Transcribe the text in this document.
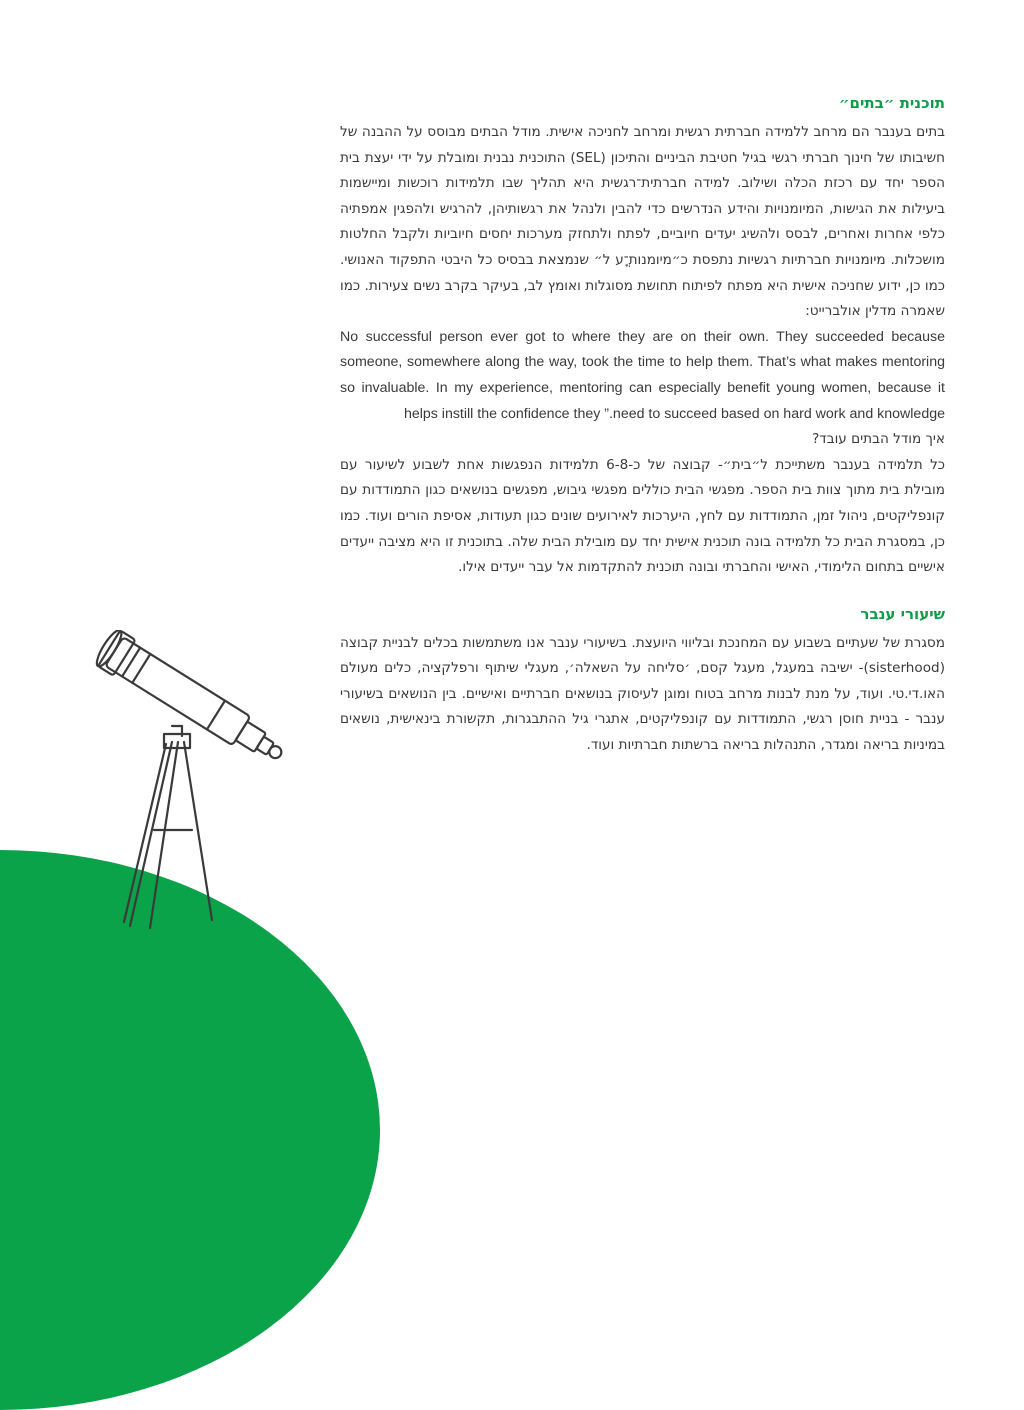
תוכנית ״בתים״

בתים בענבר הם מרחב ללמידה חברתית רגשית ומרחב לחניכה אישית. מודל הבתים מבוסס על ההבנה של חשיבותו של חינוך חברתי רגשי בגיל חטיבת הביניים והתיכון (SEL) התוכנית נבנית ומובלת על ידי יעצת בית הספר יחד עם רכזת הכלה ושילוב. למידה חברתית־רגשית היא תהליך שבו תלמידות רוכשות ומיישמות ביעילות את הגישות, המיומנויות והידע הנדרשים כדי להבין ולנהל את רגשותיהן, להרגיש ולהפגין אמפתיה כלפי אחרות ואחרים, לבסס ולהשיג יעדים חיוביים, לפתח ולתחזק מערכות יחסים חיוביות ולקבל החלטות מושכלות. מיומנויות חברתיות רגשיות נתפסת כ״מיומנות־ֳע ל״ שנמצאת בבסיס כל היבטי התפקוד האנושי. כמו כן, ידוע שחניכה אישית היא מפתח לפיתוח תחושת מסוגלות ואומץ לב, בעיקר בקרב נשים צעירות. כמו שאמרה מדלין אולברייט:

No successful person ever got to where they are on their own. They succeeded because someone, somewhere along the way, took the time to help them. That’s what makes mentoring so invaluable. In my experience, mentoring can especially benefit young women, because it helps instill the confidence they ”.need to succeed based on hard work and knowledge

איך מודל הבתים עובד?

כל תלמידה בענבר משתייכת ל״בית״- קבוצה של כ-6-8 תלמידות הנפגשות אחת לשבוע לשיעור עם מובילת בית מתוך צוות בית הספר. מפגשי הבית כוללים מפגשי גיבוש, מפגשים בנושאים כגון התמודדות עם קונפליקטים, ניהול זמן, התמודדות עם לחץ, היערכות לאירועים שונים כגון תעודות, אסיפת הורים ועוד. כמו כן, במסגרת הבית כל תלמידה בונה תוכנית אישית יחד עם מובילת הבית שלה. בתוכנית זו היא מציבה ייעדים אישיים בתחום הלימודי, האישי והחברתי ובונה תוכנית להתקדמות אל עבר ייעדים אילו.

שיעורי ענבר

מסגרת של שעתיים בשבוע עם המחנכת ובליווי היועצת. בשיעורי ענבר אנו משתמשות בכלים לבניית קבוצה (sisterhood)- ישיבה במעגל, מעגל קסם, ׳סליחה על השאלה׳, מעגלי שיתוף ורפלקציה, כלים מעולם האו.די.טי. ועוד, על מנת לבנות מרחב בטוח ומוגן לעיסוק בנושאים חברתיים ואישיים. בין הנושאים בשיעורי ענבר - בניית חוסן רגשי, התמודדות עם קונפליקטים, אתגרי גיל ההתבגרות, תקשורת בינאישית, נושאים במיניות בריאה ומגדר, התנהלות בריאה ברשתות חברתיות ועוד.
